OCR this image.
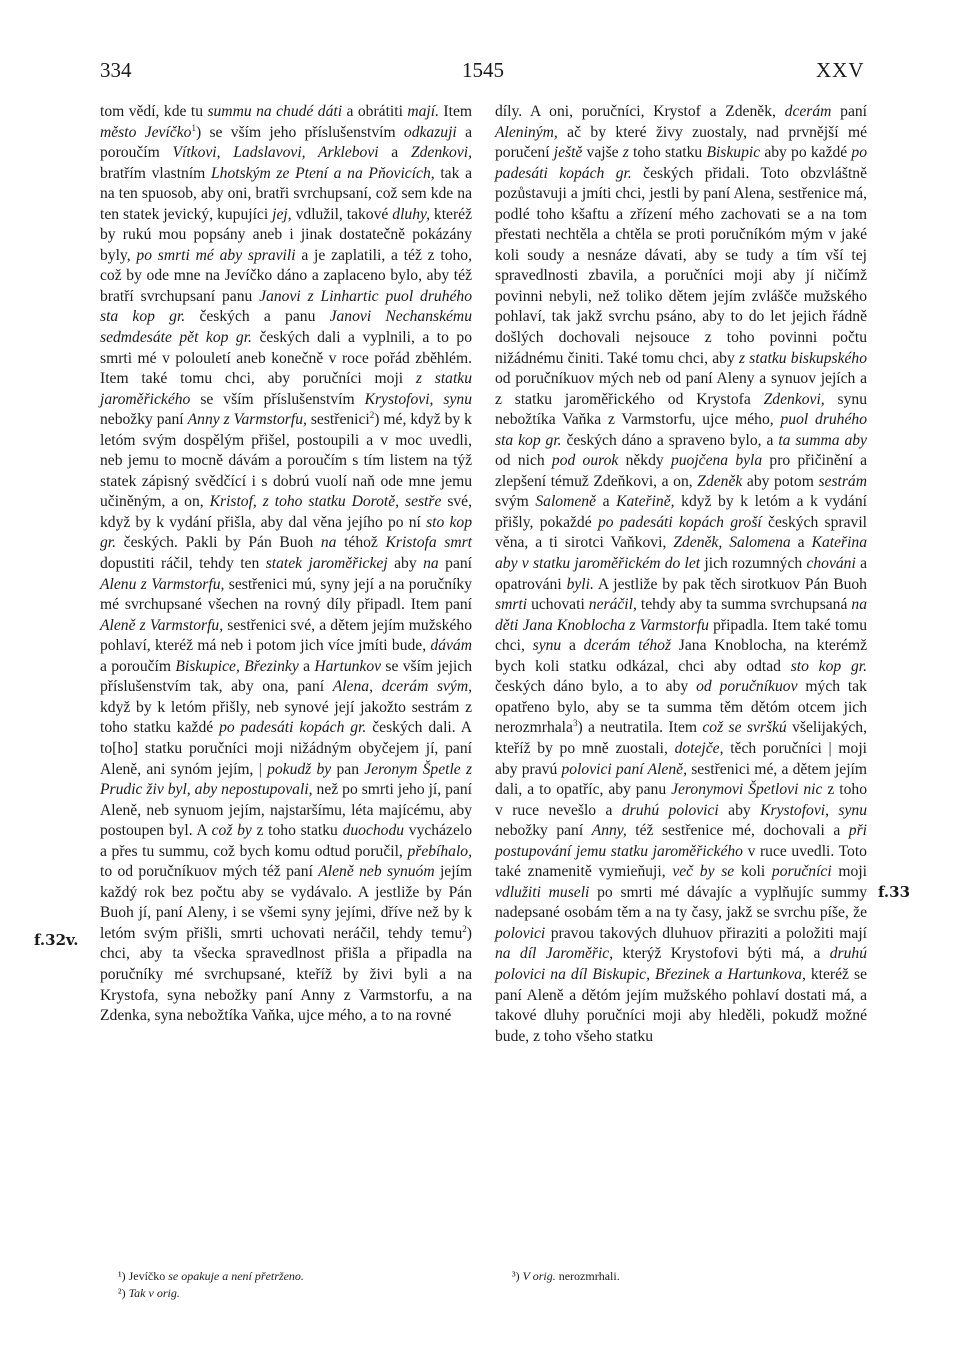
334	1545	XXV
f.32v.
f.33

tom vědí, kde tu summu na chudé dáti a obrátiti mají. Item město Jevíčko$^1$) se vším jeho příslušenstvím odkazuji a poroučím Vítkovi, Ladslavovi, Arklebovi a Zdenkovi, bratřím vlastním Lhotským ze Ptení a na Pňovicích, tak a na ten spuosob, aby oni, bratři svrchupsaní, což sem kde na ten statek jevický, kupujíci jej, vdlužil, takové dluhy, kteréž by rukú mou popsány aneb i jinak dostatečně pokázány byly, po smrti mé aby spravili a je zaplatili, a též z toho, což by ode mne na Jevíčko dáno a zaplaceno bylo, aby též bratří svrchupsaní panu Janovi z Linhartic puol druhého sta kop gr. českých a panu Janovi Nechanskému sedmdesáte pět kop gr. českých dali a vyplnili, a to po smrti mé v polouletí aneb konečně v roce pořád zběhlém. Item také tomu chci, aby poručníci moji z statku jaroměřického se vším příslušenstvím Krystofovi, synu nebožky paní Anny z Varmstorfu, sestřenici$^2$) mé, když by k letóm svým dospělým přišel, postoupili a v moc uvedli, neb jemu to mocně dávám a poroučím s tím listem na týž statek zápisný svědčící i s dobrú vuolí naň ode mne jemu učiněným, a on, Kristof, z toho statku Dorotě, sestře své, když by k vydání přišla, aby dal věna jejího po ní sto kop gr. českých. Pakli by Pán Buoh na téhož Kristofa smrt dopustiti ráčil, tehdy ten statek jaroměřickej aby na paní Alenu z Varmstorfu, sestřenici mú, syny její a na poručníky mé svrchupsané všechen na rovný díly připadl. Item paní Aleně z Varmstorfu, sestřenici své, a dětem jejím mužského pohlaví, kteréž má neb i potom jich více jmíti bude, dávám a poroučím Biskupice, Březinky a Hartunkov se vším jejich příslušenstvím tak, aby ona, paní Alena, dcerám svým, když by k letóm přišly, neb synové její jakožto sestrám z toho statku každé po padesáti kopách gr. českých dali. A to[ho] statku poručníci moji nižádným obyčejem jí, paní Aleně, ani synóm jejím, | pokudž by pan Jeronym Špetle z Prudic živ byl, aby nepostupovali, než po smrti jeho jí, paní Aleně, neb synuom jejím, najstaršímu, léta majícému, aby postoupen byl. A což by z toho statku duochodu vycházelo a přes tu summu, což bych komu odtud poručil, přebíhalo, to od poručníkuov mých též paní Aleně neb synuóm jejím každý rok bez počtu aby se vydávalo. A jestliže by Pán Buoh jí, paní Aleny, i se všemi syny jejími, dříve než by k letóm svým přišli, smrti uchovati neráčil, tehdy temu$^2$) chci, aby ta všecka spravedlnost přišla a připadla na poručníky mé svrchupsané, kteříž by živi byli a na Krystofa, syna nebožky paní Anny z Varmstorfu, a na Zdenka, syna nebožtíka Vaňka, ujce mého, a to na rovné

díly. A oni, poručníci, Krystof a Zdeněk, dcerám paní Aleniným, ač by které živy zuostaly, nad prvnější mé poručení ještě vajše z toho statku Biskupic aby po každé po padesáti kopách gr. českých přidali. Toto obzvláštně pozůstavuji a jmíti chci, jestli by paní Alena, sestřenice má, podlé toho kšaftu a zřízení mého zachovati se a na tom přestati nechtěla a chtěla se proti poručníkóm mým v jaké koli soudy a nesnáze dávati, aby se tudy a tím vší tej spravedlnosti zbavila, a poručníci moji aby jí ničímž povinni nebyli, než toliko dětem jejím zvlášče mužského pohlaví, tak jakž svrchu psáno, aby to do let jejich řádně došlých dochovali nejsouce z toho povinni počtu nižádnému činiti. Také tomu chci, aby z statku biskupského od poručníkuov mých neb od paní Aleny a synuov jejích a z statku jaroměřického od Krystofa Zdenkovi, synu nebožtíka Vaňka z Varmstorfu, ujce mého, puol druhého sta kop gr. českých dáno a spraveno bylo, a ta summa aby od nich pod ourok někdy puojčena byla pro přičinění a zlepšení témuž Zdeňkovi, a on, Zdeněk aby potom sestrám svým Salomeně a Kateřině, když by k letóm a k vydání přišly, pokaždé po padesáti kopách groší českých spravil věna, a ti sirotci Vaňkovi, Zdeněk, Salomena a Kateřina aby v statku jaroměřickém do let jich rozumných chováni a opatrováni byli. A jestliže by pak těch sirotkuov Pán Buoh smrti uchovati neráčil, tehdy aby ta summa svrchupsaná na děti Jana Knoblocha z Varmstorfu připadla. Item také tomu chci, synu a dcerám téhož Jana Knoblocha, na kterémž bych koli statku odkázal, chci aby odtad sto kop gr. českých dáno bylo, a to aby od poručníkuov mých tak opatřeno bylo, aby se ta summa těm dětóm otcem jich nerozmrhala$^3$) a neutratila. Item což se svrškú všelijakých, kteříž by po mně zuostali, dotejče, těch poručníci | moji aby pravú polovici paní Aleně, sestřenici mé, a dětem jejím dali, a to opatříc, aby panu Jeronymovi Špetlovi nic z toho v ruce nevešlo a druhú polovici aby Krystofovi, synu nebožky paní Anny, též sestřenice mé, dochovali a při postupování jemu statku jaroměřického v ruce uvedli. Toto také znamenitě vymieňuji, več by se koli poručníci moji vdlužiti museli po smrti mé dávajíc a vyplňujíc summy nadepsané osobám těm a na ty časy, jakž se svrchu píše, že polovici pravou takových dluhuov přiraziti a položiti mají na díl Jaroměřic, kterýž Krystofovi býti má, a druhú polovici na díl Biskupic, Březinek a Hartunkova, kteréž se paní Aleně a dětóm jejím mužského pohlaví dostati má, a takové dluhy poručníci moji aby hleděli, pokudž možné bude, z toho všeho statku

¹) Jevíčko se opakuje a není přetrženo.
²) Tak v orig.
³) V orig. nerozmrhali.
